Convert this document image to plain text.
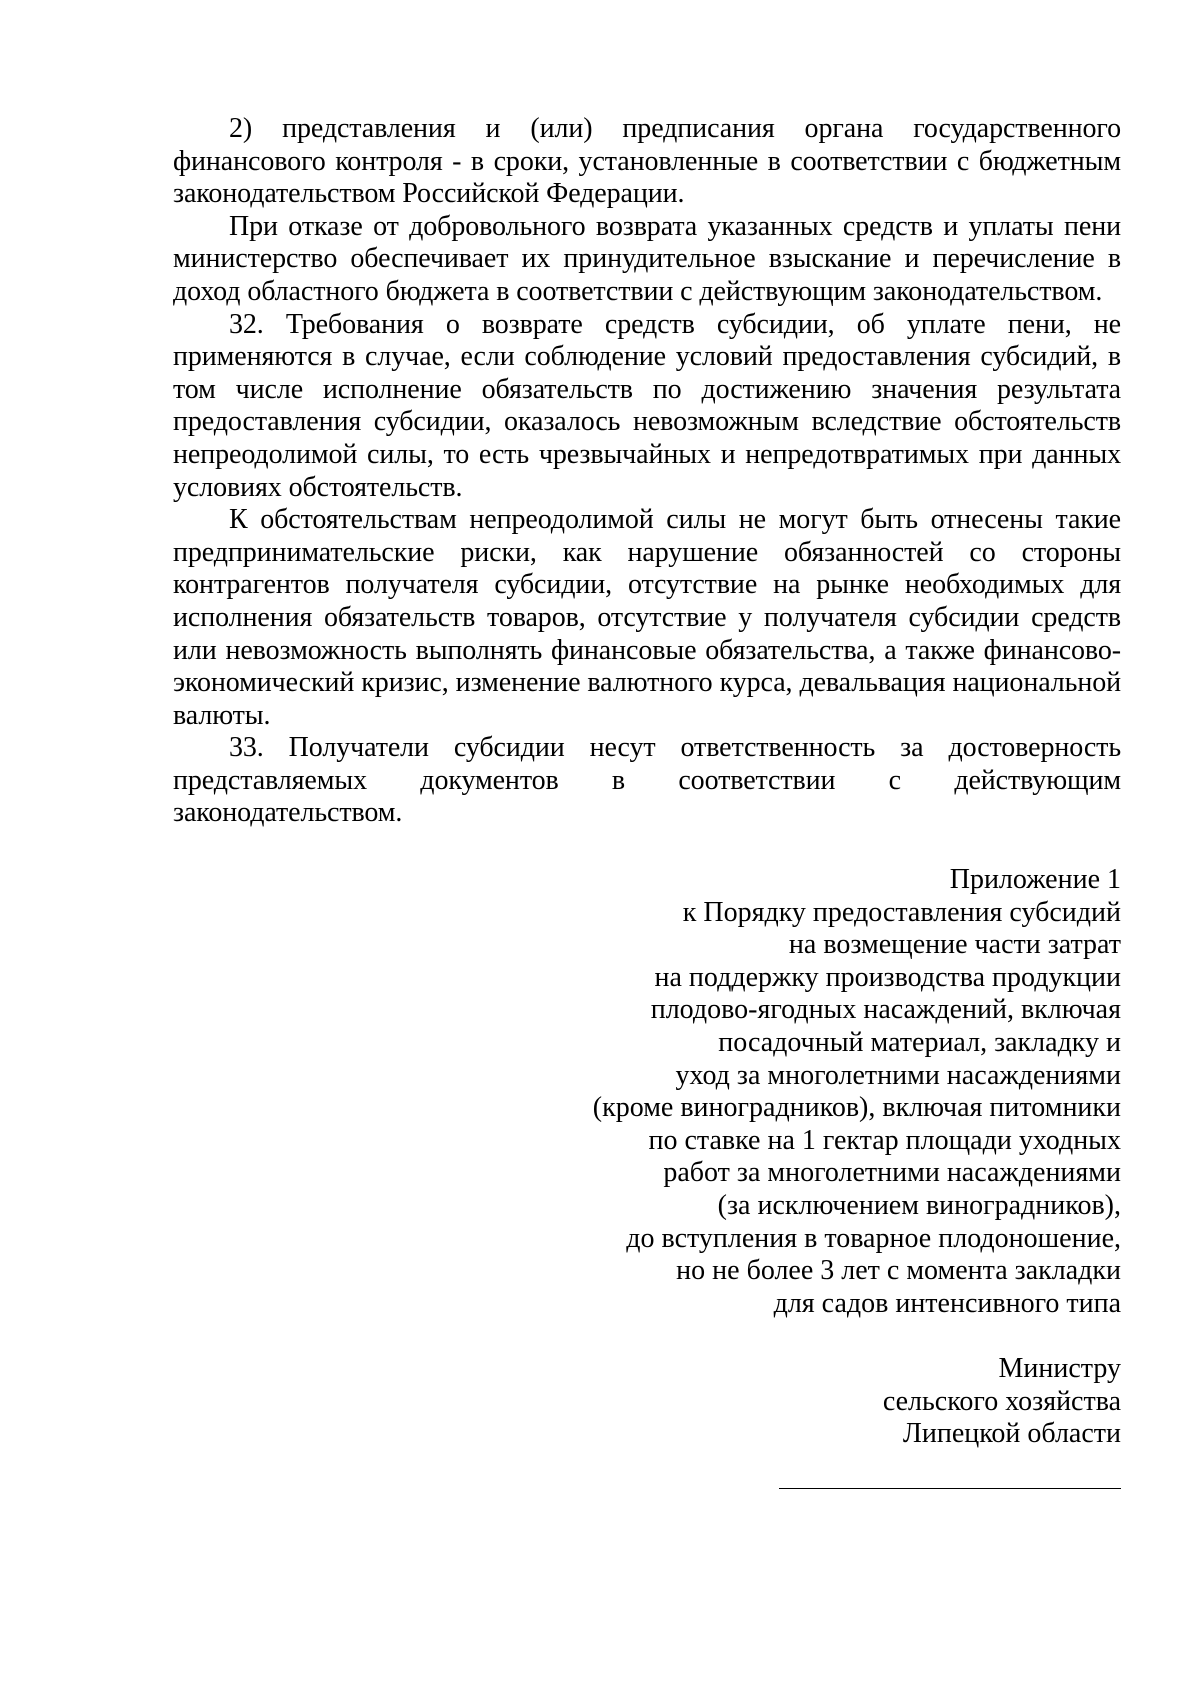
2) представления и (или) предписания органа государственного финансового контроля - в сроки, установленные в соответствии с бюджетным законодательством Российской Федерации.

При отказе от добровольного возврата указанных средств и уплаты пени министерство обеспечивает их принудительное взыскание и перечисление в доход областного бюджета в соответствии с действующим законодательством.

32. Требования о возврате средств субсидии, об уплате пени, не применяются в случае, если соблюдение условий предоставления субсидий, в том числе исполнение обязательств по достижению значения результата предоставления субсидии, оказалось невозможным вследствие обстоятельств непреодолимой силы, то есть чрезвычайных и непредотвратимых при данных условиях обстоятельств.

К обстоятельствам непреодолимой силы не могут быть отнесены такие предпринимательские риски, как нарушение обязанностей со стороны контрагентов получателя субсидии, отсутствие на рынке необходимых для исполнения обязательств товаров, отсутствие у получателя субсидии средств или невозможность выполнять финансовые обязательства, а также финансово-экономический кризис, изменение валютного курса, девальвация национальной валюты.

33. Получатели субсидии несут ответственность за достоверность представляемых документов в соответствии с действующим законодательством.

Приложение 1
к Порядку предоставления субсидий
на возмещение части затрат
на поддержку производства продукции
плодово-ягодных насаждений, включая
посадочный материал, закладку и
уход за многолетними насаждениями
(кроме виноградников), включая питомники
по ставке на 1 гектар площади уходных
работ за многолетними насаждениями
(за исключением виноградников),
до вступления в товарное плодоношение,
но не более 3 лет с момента закладки
для садов интенсивного типа
Министру
сельского хозяйства
Липецкой области
